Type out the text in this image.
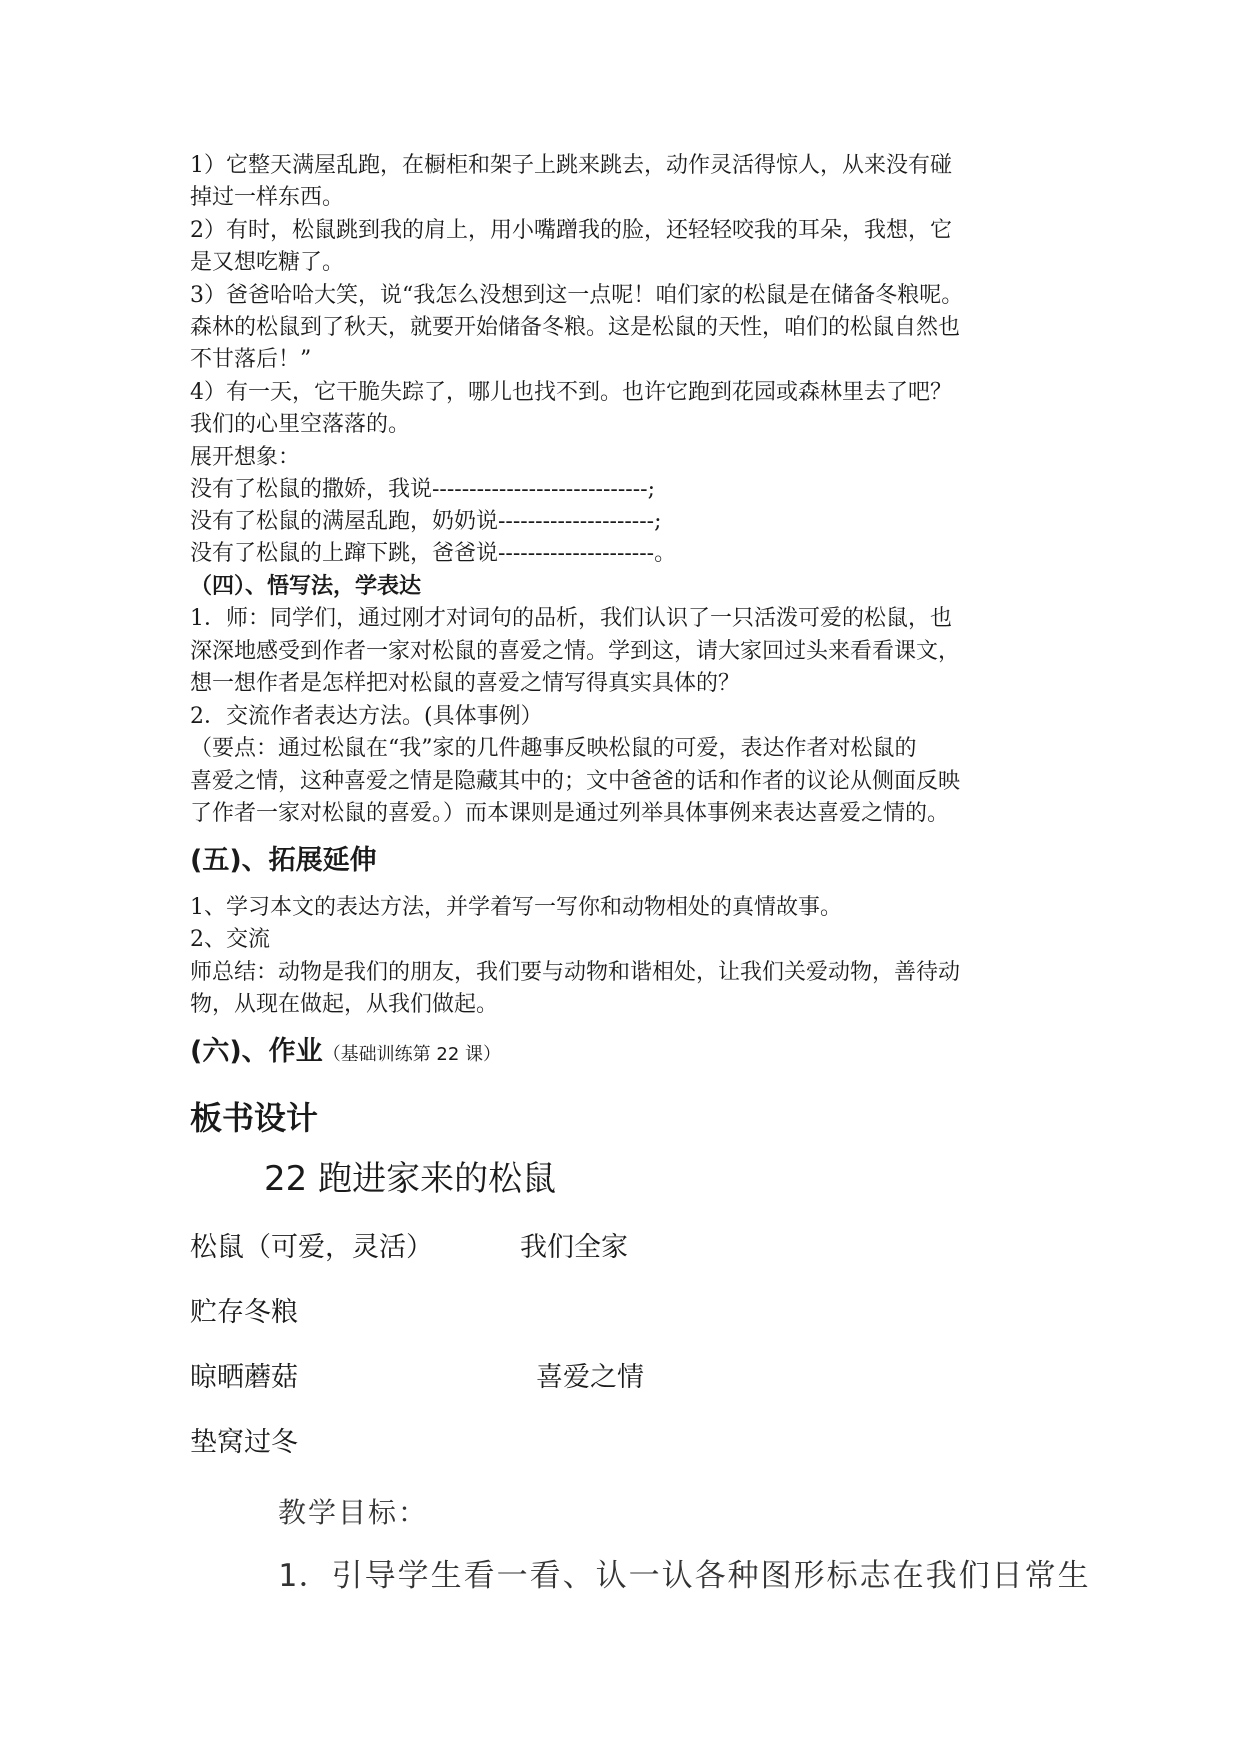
1）它整天满屋乱跑，在橱柜和架子上跳来跳去，动作灵活得惊人，从来没有碰
掉过一样东西。
2）有时，松鼠跳到我的肩上，用小嘴蹭我的脸，还轻轻咬我的耳朵，我想，它
是又想吃糖了。
3）爸爸哈哈大笑，说“我怎么没想到这一点呢！咱们家的松鼠是在储备冬粮呢。
森林的松鼠到了秋天，就要开始储备冬粮。这是松鼠的天性，咱们的松鼠自然也
不甘落后！”
4）有一天，它干脆失踪了，哪儿也找不到。也许它跑到花园或森林里去了吧？
我们的心里空落落的。
展开想象：
没有了松鼠的撒娇，我说-----------------------------;
没有了松鼠的满屋乱跑，奶奶说---------------------;
没有了松鼠的上蹿下跳，爸爸说---------------------。
（四）、悟写法，学表达
1．师：同学们，通过刚才对词句的品析，我们认识了一只活泼可爱的松鼠，也
深深地感受到作者一家对松鼠的喜爱之情。学到这，请大家回过头来看看课文，
想一想作者是怎样把对松鼠的喜爱之情写得真实具体的？
2．交流作者表达方法。(具体事例）
（要点：通过松鼠在“我”家的几件趣事反映松鼠的可爱，表达作者对松鼠的
喜爱之情，这种喜爱之情是隐藏其中的；文中爸爸的话和作者的议论从侧面反映
了作者一家对松鼠的喜爱。）而本课则是通过列举具体事例来表达喜爱之情的。
(五)、拓展延伸
1、学习本文的表达方法，并学着写一写你和动物相处的真情故事。
2、交流
师总结：动物是我们的朋友，我们要与动物和谐相处，让我们关爱动物，善待动
物，从现在做起，从我们做起。
(六)、作业（基础训练第 22 课）
板书设计
22 跑进家来的松鼠
松鼠（可爱，灵活）	我们全家
贮存冬粮
晾晒蘑菇	喜爱之情
垫窝过冬
教学目标：
1．引导学生看一看、认一认各种图形标志在我们日常生
